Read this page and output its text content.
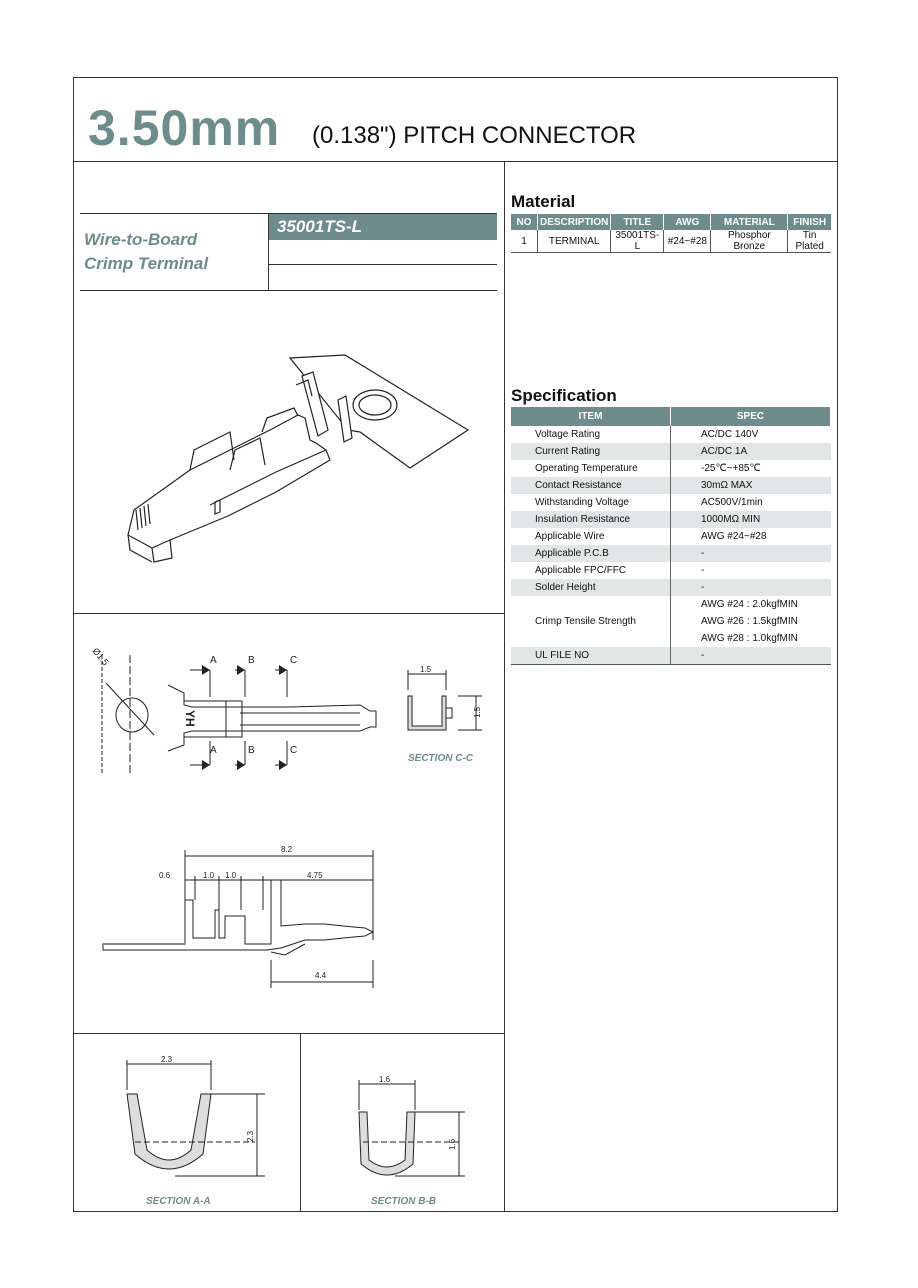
3.50mm (0.138") PITCH CONNECTOR
Wire-to-Board
Crimp Terminal
35001TS-L
Material
NO	DESCRIPTION	TITLE	AWG	MATERIAL	FINISH
1	TERMINAL	35001TS-L	#24~#28	Phosphor Bronze	Tin Plated
Specification
ITEM	SPEC
Voltage Rating	AC/DC 140V
Current Rating	AC/DC 1A
Operating Temperature	-25℃~+85℃
Contact Resistance	30mΩ MAX
Withstanding Voltage	AC500V/1min
Insulation Resistance	1000MΩ MIN
Applicable Wire	AWG #24~#28
Applicable P.C.B	-
Applicable FPC/FFC	-
Solder Height	-
Crimp Tensile Strength	AWG #24 : 2.0kgfMIN
AWG #26 : 1.5kgfMIN
AWG #28 : 1.0kgfMIN

UL FILE NO	-
YH
Ø1.5	A	B	C
A	B	C
1.5
1.5
SECTION C-C
8.2
0.6	1.0 1.0	4.75
4.4
2.3
2.3
SECTION A-A
1.6
1.6
SECTION B-B
